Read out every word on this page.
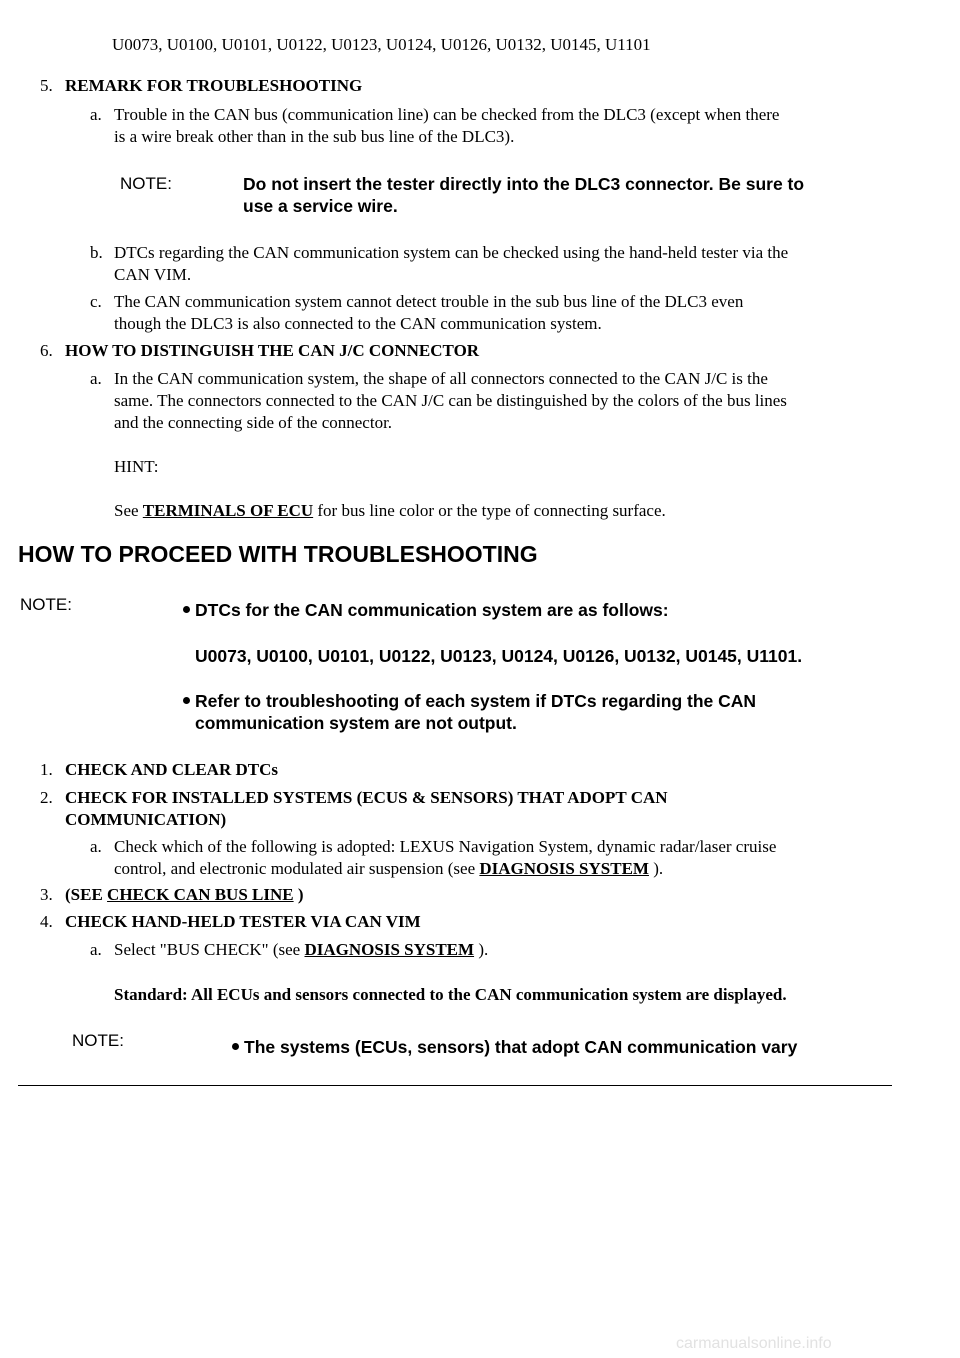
U0073, U0100, U0101, U0122, U0123, U0124, U0126, U0132, U0145, U1101
5. REMARK FOR TROUBLESHOOTING
a. Trouble in the CAN bus (communication line) can be checked from the DLC3 (except when there
is a wire break other than in the sub bus line of the DLC3).
NOTE:	Do not insert the tester directly into the DLC3 connector. Be sure to
use a service wire.
b. DTCs regarding the CAN communication system can be checked using the hand-held tester via the
CAN VIM.
c. The CAN communication system cannot detect trouble in the sub bus line of the DLC3 even
though the DLC3 is also connected to the CAN communication system.
6. HOW TO DISTINGUISH THE CAN J/C CONNECTOR
a. In the CAN communication system, the shape of all connectors connected to the CAN J/C is the
same. The connectors connected to the CAN J/C can be distinguished by the colors of the bus lines
and the connecting side of the connector.
HINT:
See TERMINALS OF ECU for bus line color or the type of connecting surface.
HOW TO PROCEED WITH TROUBLESHOOTING
NOTE:	DTCs for the CAN communication system are as follows:
U0073, U0100, U0101, U0122, U0123, U0124, U0126, U0132, U0145, U1101.
Refer to troubleshooting of each system if DTCs regarding the CAN
communication system are not output.
1. CHECK AND CLEAR DTCs
2. CHECK FOR INSTALLED SYSTEMS (ECUS & SENSORS) THAT ADOPT CAN
COMMUNICATION)
a. Check which of the following is adopted: LEXUS Navigation System, dynamic radar/laser cruise
control, and electronic modulated air suspension (see DIAGNOSIS SYSTEM ).
3. (SEE CHECK CAN BUS LINE )
4. CHECK HAND-HELD TESTER VIA CAN VIM
a. Select "BUS CHECK" (see DIAGNOSIS SYSTEM ).
Standard: All ECUs and sensors connected to the CAN communication system are displayed.
NOTE:	The systems (ECUs, sensors) that adopt CAN communication vary
carmanualsonline.info
